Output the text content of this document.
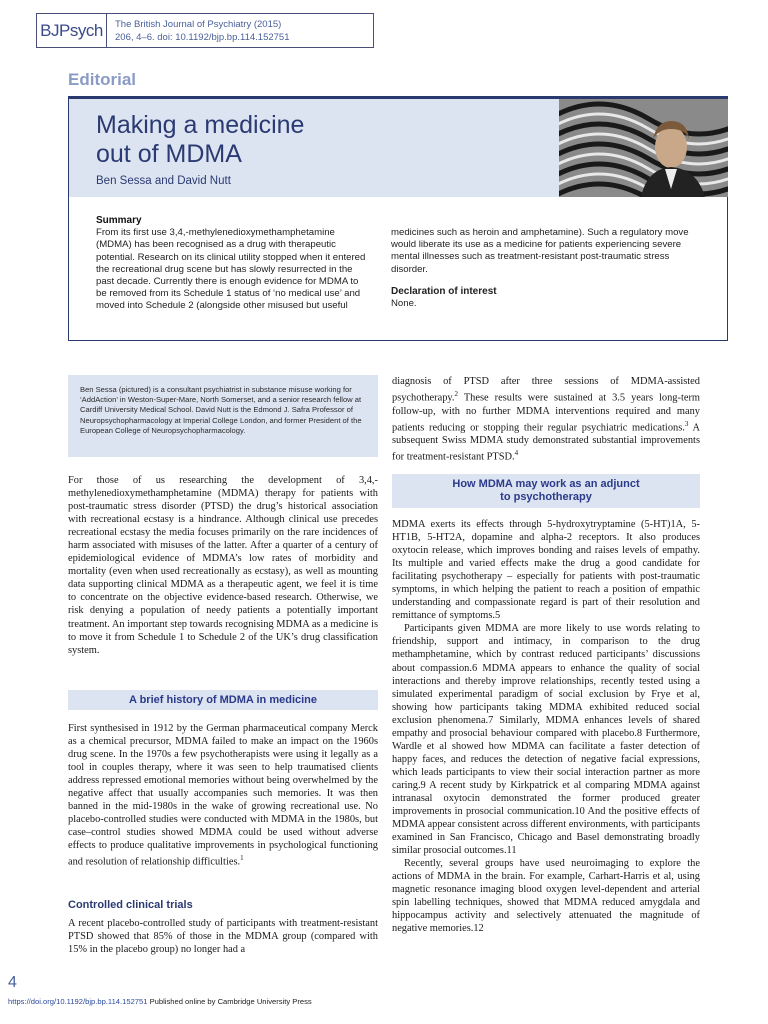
BJPsych	The British Journal of Psychiatry (2015)
206, 4–6. doi: 10.1192/bjp.bp.114.152751
Editorial
Making a medicine
out of MDMA
Ben Sessa and David Nutt
Summary
From its first use 3,4,-methylenedioxymethamphetamine (MDMA) has been recognised as a drug with therapeutic potential. Research on its clinical utility stopped when it entered the recreational drug scene but has slowly resurrected in the past decade. Currently there is enough evidence for MDMA to be removed from its Schedule 1 status of ‘no medical use’ and moved into Schedule 2 (alongside other misused but useful
medicines such as heroin and amphetamine). Such a regulatory move would liberate its use as a medicine for patients experiencing severe mental illnesses such as treatment-resistant post-traumatic stress disorder.
Declaration of interest
None.
Ben Sessa (pictured) is a consultant psychiatrist in substance misuse working for ‘AddAction’ in Weston-Super-Mare, North Somerset, and a senior research fellow at Cardiff University Medical School. David Nutt is the Edmond J. Safra Professor of Neuropsychopharmacology at Imperial College London, and former President of the European College of Neuropsychopharmacology.
For those of us researching the development of 3,4,-methylenedioxymethamphetamine (MDMA) therapy for patients with post-traumatic stress disorder (PTSD) the drug’s historical association with recreational ecstasy is a hindrance. Although clinical use precedes recreational ecstasy the media focuses primarily on the rare incidences of harm associated with misuses of the latter. After a quarter of a century of epidemiological evidence of MDMA’s low rates of morbidity and mortality (even when used recreationally as ecstasy), as well as mounting data supporting clinical MDMA as a therapeutic agent, we feel it is time to concentrate on the objective evidence-based research. Otherwise, we risk denying a population of needy patients a potentially important treatment. An important step towards recognising MDMA as a medicine is to move it from Schedule 1 to Schedule 2 of the UK’s drug classification system.
A brief history of MDMA in medicine
First synthesised in 1912 by the German pharmaceutical company Merck as a chemical precursor, MDMA failed to make an impact on the 1960s drug scene. In the 1970s a few psychotherapists were using it legally as a tool in couples therapy, where it was seen to help traumatised clients address repressed emotional memories without being overwhelmed by the negative affect that usually accompanies such memories. It was then banned in the mid-1980s in the wake of growing recreational use. No placebo-controlled studies were conducted with MDMA in the 1980s, but case–control studies showed MDMA could be used without adverse effects to produce qualitative improvements in psychological functioning and resolution of relationship difficulties.$^1$
Controlled clinical trials
A recent placebo-controlled study of participants with treatment-resistant PTSD showed that 85% of those in the MDMA group (compared with 15% in the placebo group) no longer had a
diagnosis of PTSD after three sessions of MDMA-assisted psychotherapy.$^2$ These results were sustained at 3.5 years long-term follow-up, with no further MDMA interventions required and many patients reducing or stopping their regular psychiatric medications.$^3$ A subsequent Swiss MDMA study demonstrated substantial improvements for treatment-resistant PTSD.$^4$
How MDMA may work as an adjunct
to psychotherapy

MDMA exerts its effects through 5-hydroxytryptamine (5-HT)1A, 5-HT1B, 5-HT2A, dopamine and alpha-2 receptors. It also produces oxytocin release, which improves bonding and raises levels of empathy. Its multiple and varied effects make the drug a good candidate for facilitating psychotherapy – especially for patients with post-traumatic symptoms, in which helping the patient to reach a position of empathic understanding and compassionate regard is part of their resolution and remittance of symptoms.5

Participants given MDMA are more likely to use words relating to friendship, support and intimacy, in comparison to the drug methamphetamine, which by contrast reduced participants’ discussions about compassion.6 MDMA appears to enhance the quality of social interactions and thereby improve relationships, recently tested using a simulated experimental paradigm of social exclusion by Frye et al, showing how participants taking MDMA exhibited reduced social exclusion phenomena.7 Similarly, MDMA enhances levels of shared empathy and prosocial behaviour compared with placebo.8 Furthermore, Wardle et al showed how MDMA can facilitate a faster detection of happy faces, and reduces the detection of negative facial expressions, which leads participants to view their social interaction partner as more caring.9 A recent study by Kirkpatrick et al comparing MDMA against intranasal oxytocin demonstrated the former produced greater improvements in prosocial communication.10 And the positive effects of MDMA appear consistent across different environments, with participants examined in San Francisco, Chicago and Basel demonstrating broadly similar prosocial outcomes.11

Recently, several groups have used neuroimaging to explore the actions of MDMA in the brain. For example, Carhart-Harris et al, using magnetic resonance imaging blood oxygen level-dependent and arterial spin labelling techniques, showed that MDMA reduced amygdala and hippocampus activity and selectively attenuated the magnitude of negative memories.12

4
https://doi.org/10.1192/bjp.bp.114.152751 Published online by Cambridge University Press
